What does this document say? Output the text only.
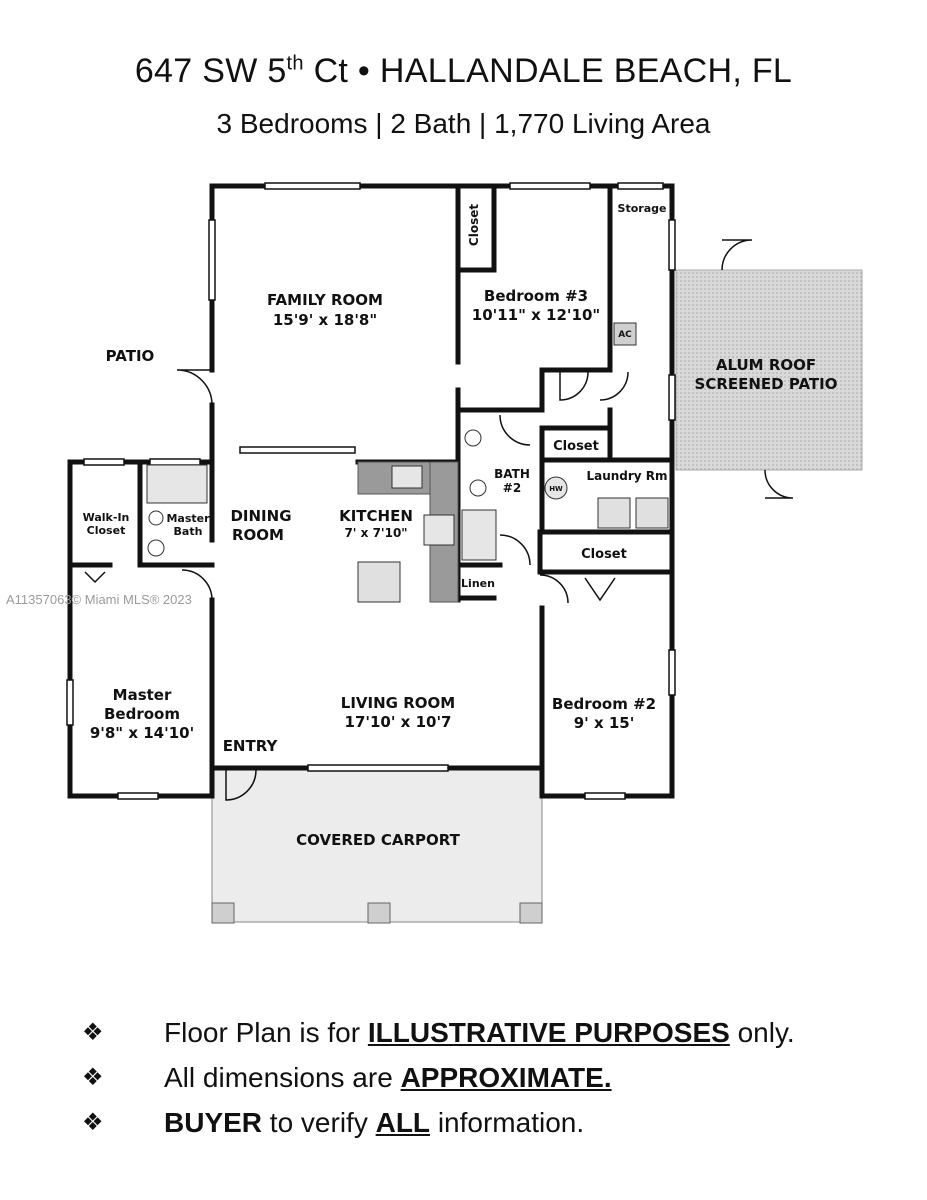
647 SW 5th Ct • HALLANDALE BEACH, FL
3 Bedrooms | 2 Bath | 1,770 Living Area
FAMILY ROOM
15'9' x 18'8"
Bedroom #3
10'11" x 12'10"
Closet	Storage
AC
PATIO	ALUM ROOF
SCREENED PATIO
Closet
BATH
#2	HW
Laundry Rm
Walk-In
Closet
Master
Bath
DINING
ROOM
KITCHEN
7' x 7'10"
Closet
Linen
Master
Bedroom
9'8" x 14'10'
LIVING ROOM
17'10' x 10'7
Bedroom #2
9' x 15'
ENTRY
COVERED CARPORT
A11357063© Miami MLS® 2023
❖	Floor Plan is for ILLUSTRATIVE PURPOSES only.
❖	All dimensions are APPROXIMATE.
❖	BUYER to verify ALL information.
